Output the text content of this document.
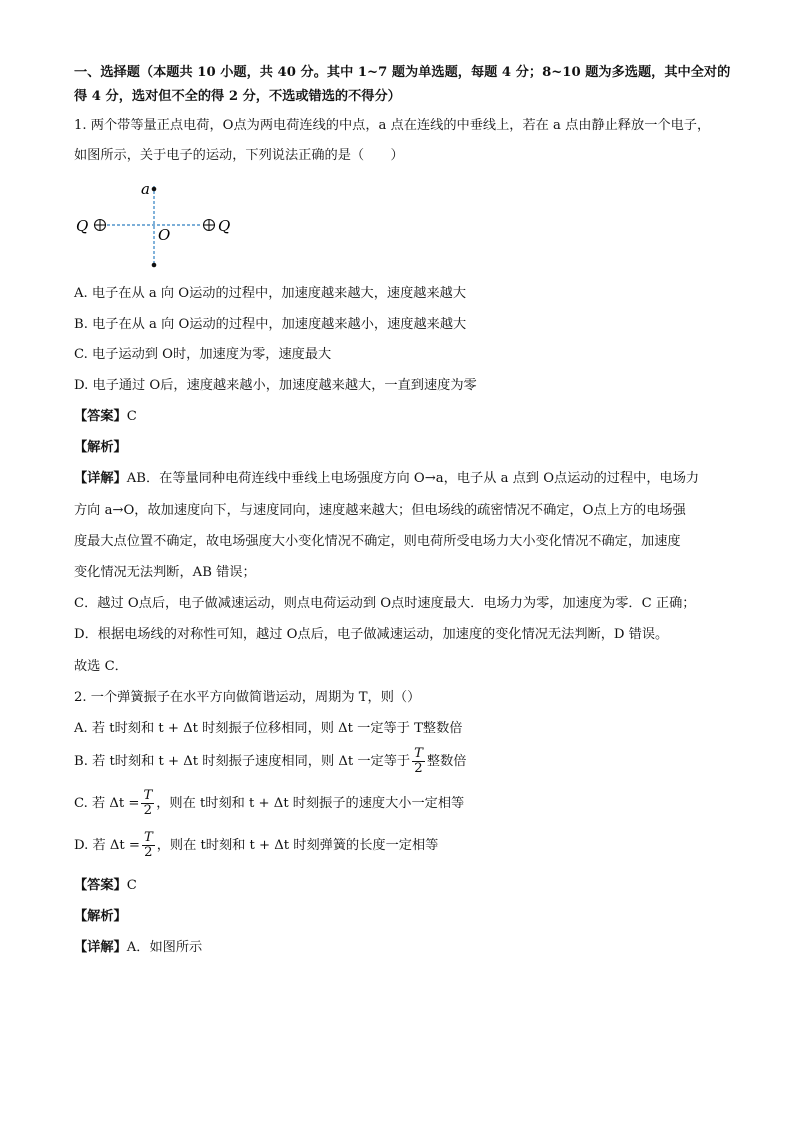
一、选择题（本题共 10 小题，共 40 分。其中 1~7 题为单选题，每题 4 分；8~10 题为多选题，其中全对的
得 4 分，选对但不全的得 2 分，不选或错选的不得分）
1. 两个带等量正点电荷，O点为两电荷连线的中点，a 点在连线的中垂线上，若在 a 点由静止释放一个电子，
如图所示，关于电子的运动，下列说法正确的是（　　）
a
O
Q	Q
A. 电子在从 a 向 O运动的过程中，加速度越来越大，速度越来越大
B. 电子在从 a 向 O运动的过程中，加速度越来越小，速度越来越大
C. 电子运动到 O时，加速度为零，速度最大
D. 电子通过 O后，速度越来越小，加速度越来越大，一直到速度为零
【答案】C
【解析】
【详解】AB．在等量同种电荷连线中垂线上电场强度方向 O→a，电子从 a 点到 O点运动的过程中，电场力
方向 a→O，故加速度向下，与速度同向，速度越来越大；但电场线的疏密情况不确定，O点上方的电场强
度最大点位置不确定，故电场强度大小变化情况不确定，则电荷所受电场力大小变化情况不确定，加速度
变化情况无法判断，AB 错误；
C．越过 O点后，电子做减速运动，则点电荷运动到 O点时速度最大．电场力为零，加速度为零．C 正确；
D．根据电场线的对称性可知，越过 O点后，电子做减速运动，加速度的变化情况无法判断，D 错误。
故选 C．
2. 一个弹簧振子在水平方向做简谐运动，周期为 T，则（）
A. 若 t时刻和 t + Δt 时刻振子位移相同，则 Δt 一定等于 T整数倍
B. 若 t时刻和 t + Δt 时刻振子速度相同，则 Δt 一定等于 $\frac{T}{2}$ 整数倍
C. 若 $\Delta t = \frac{T}{2}$ ，则在 t时刻和 t + Δt 时刻振子的速度大小一定相等
D. 若 $\Delta t = \frac{T}{2}$ ，则在 t时刻和 t + Δt 时刻弹簧的长度一定相等
【答案】C
【解析】
【详解】A．如图所示
